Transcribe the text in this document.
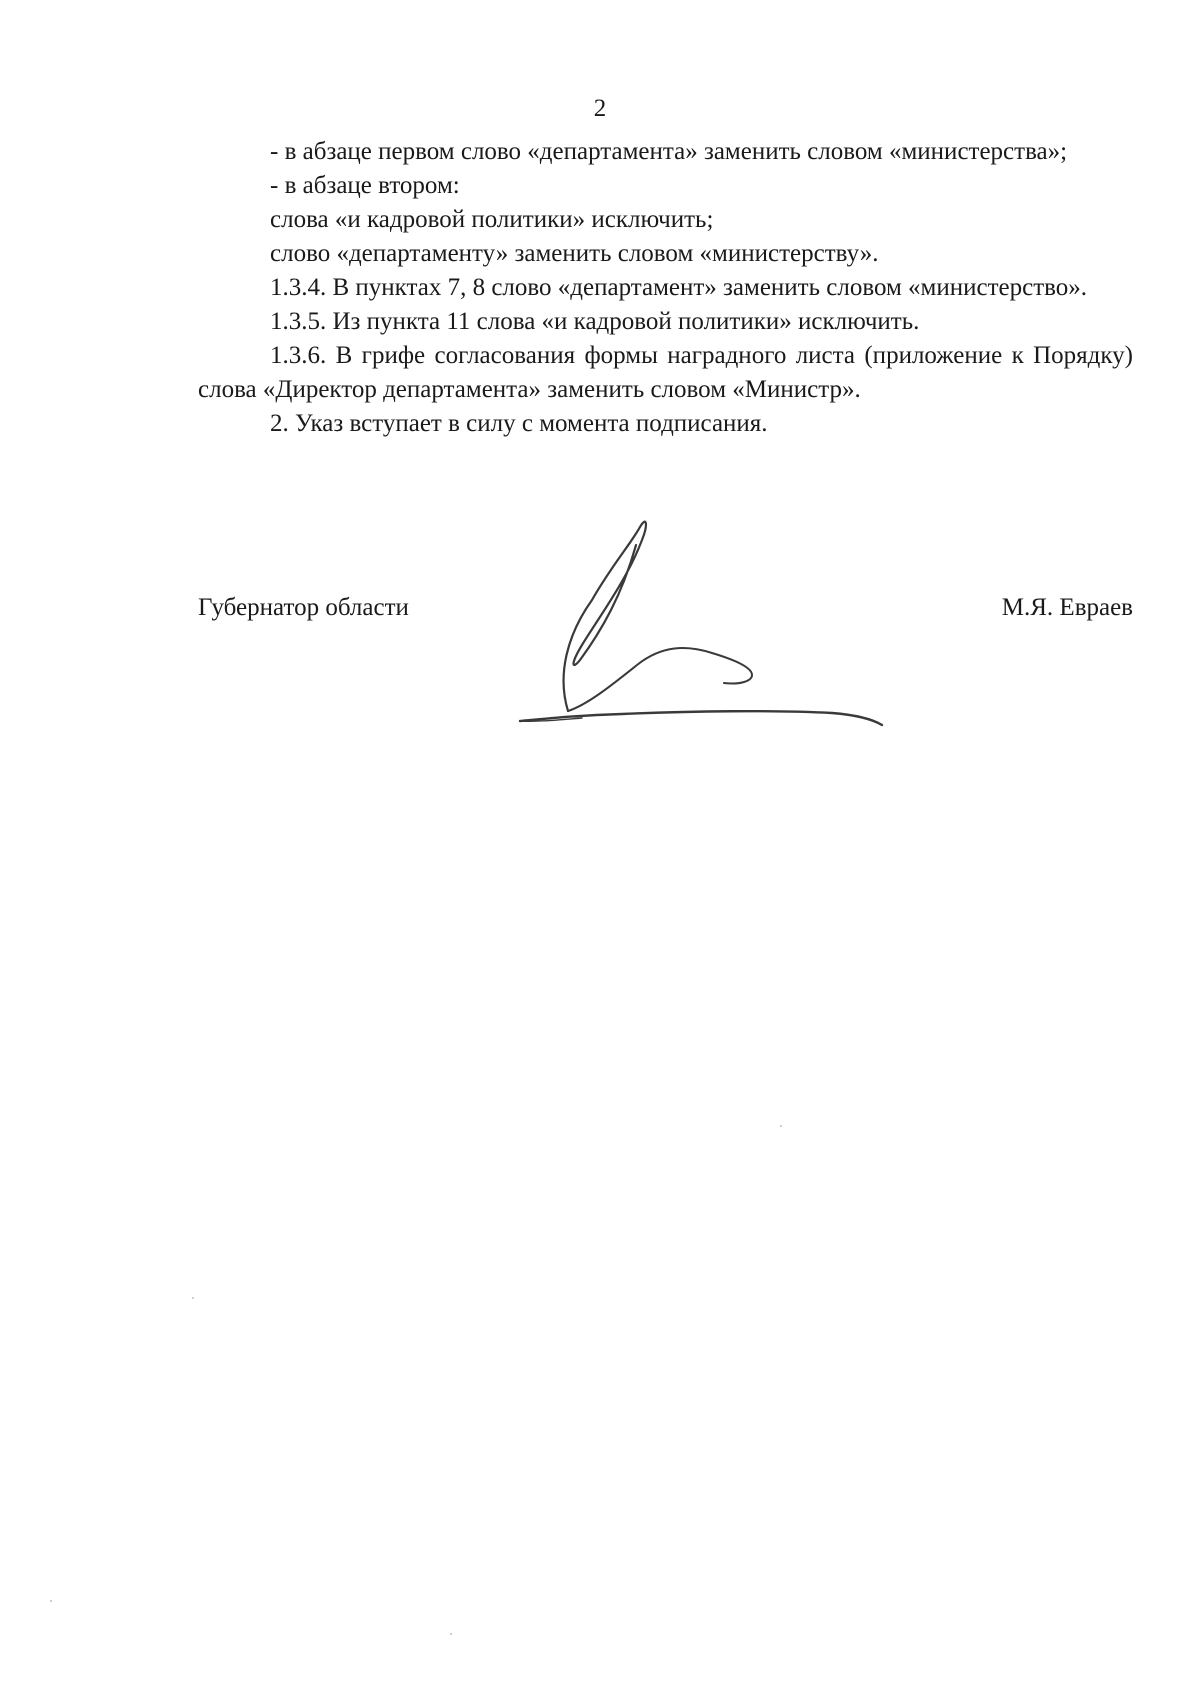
2

- в абзаце первом слово «департамента» заменить словом «министерства»;

- в абзаце втором:

слова «и кадровой политики» исключить;

слово «департаменту» заменить словом «министерству».

1.3.4. В пунктах 7, 8 слово «департамент» заменить словом «министерство».

1.3.5. Из пункта 11 слова «и кадровой политики» исключить.

1.3.6. В грифе согласования формы наградного листа (приложение к Порядку) слова «Директор департамента» заменить словом «Министр».

2. Указ вступает в силу с момента подписания.

Губернатор области	М.Я. Евраев
